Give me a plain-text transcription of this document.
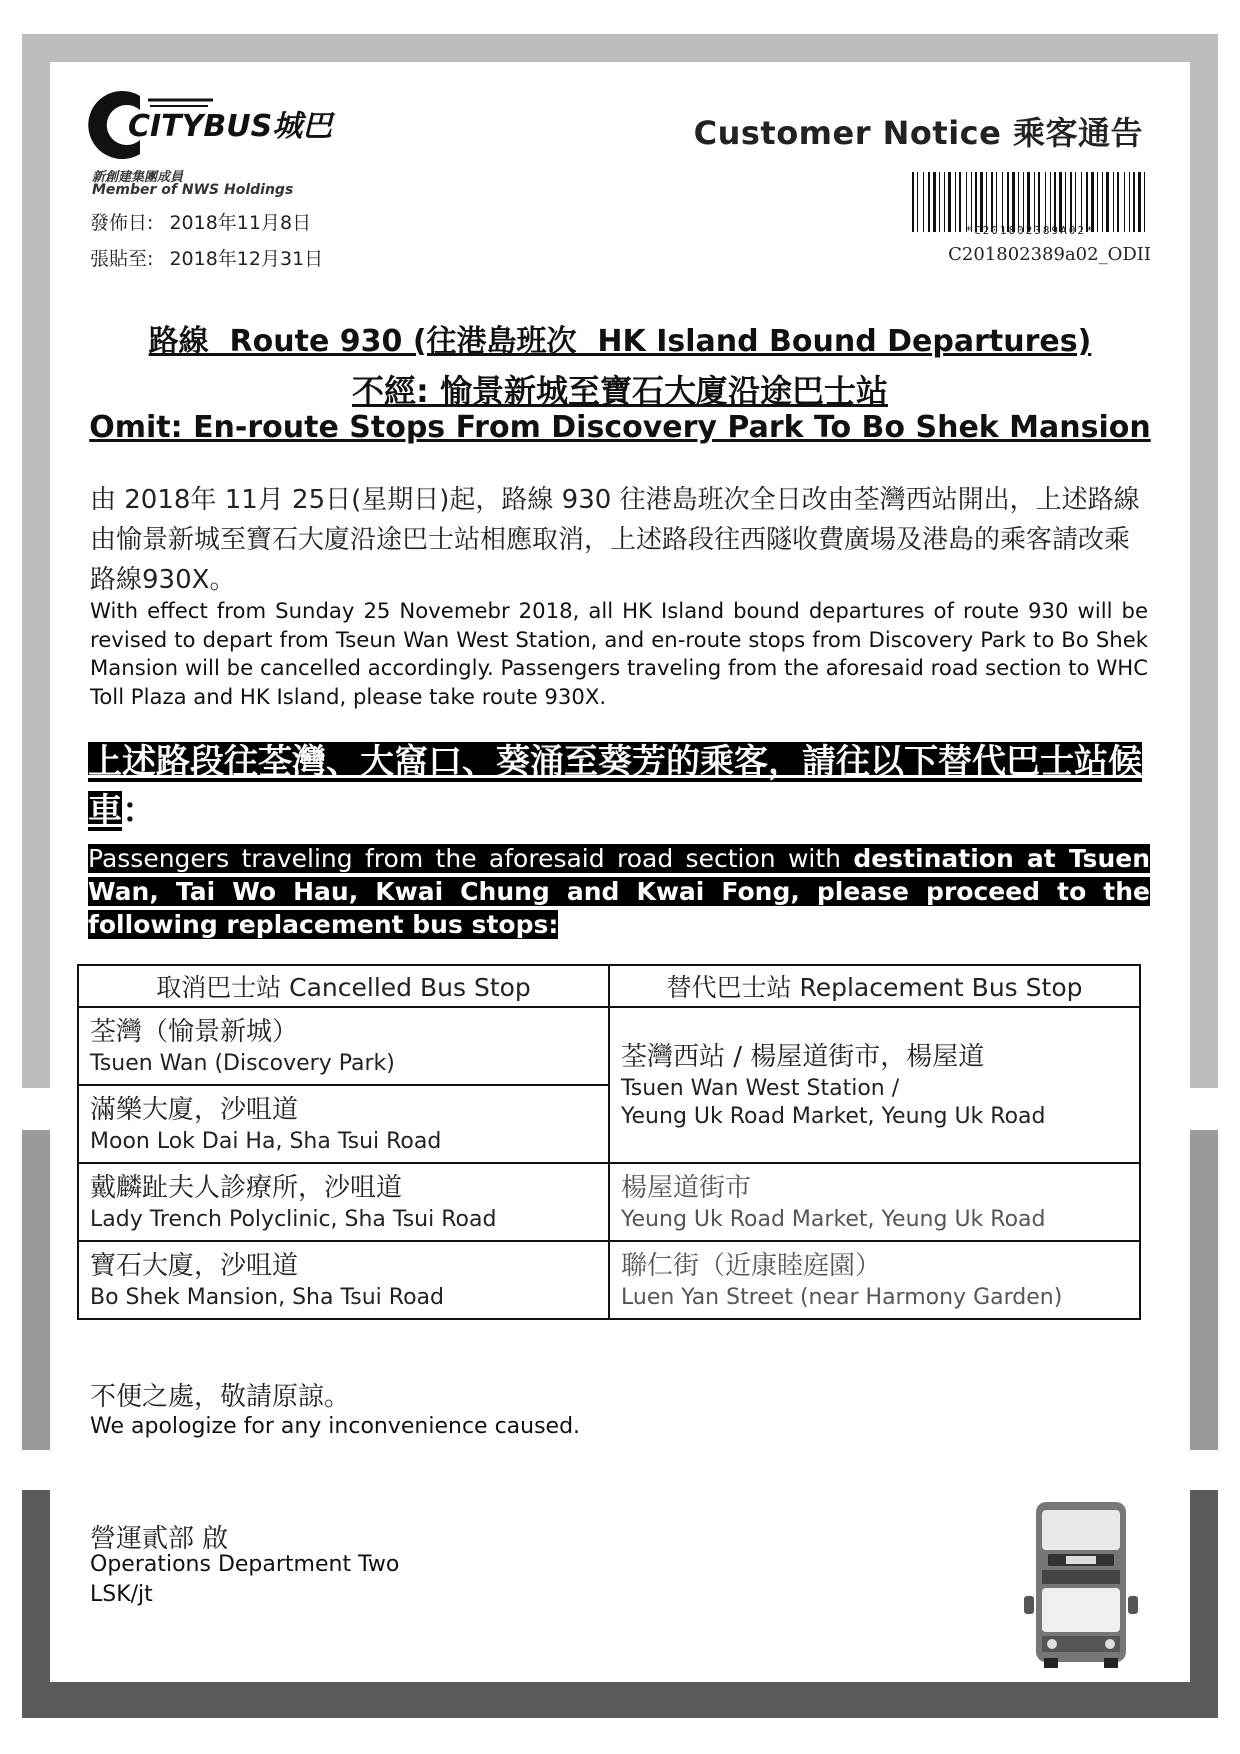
CITYBUS城巴
新創建集團成員
Member of NWS Holdings
發佈日: 2018年11月8日
張貼至: 2018年12月31日
Customer Notice 乘客通告
*C201802389A02*
C201802389a02_ODII
路線  Route 930 (往港島班次  HK Island Bound Departures)
不經: 愉景新城至寶石大廈沿途巴士站
Omit: En-route Stops From Discovery Park To Bo Shek Mansion
由 2018年 11月 25日(星期日)起，路線 930 往港島班次全日改由荃灣西站開出，上述路線由愉景新城至寶石大廈沿途巴士站相應取消，上述路段往西隧收費廣場及港島的乘客請改乘路線930X。
With effect from Sunday 25 Novemebr 2018, all HK Island bound departures of route 930 will be revised to depart from Tseun Wan West Station, and en-route stops from Discovery Park to Bo Shek Mansion will be cancelled accordingly. Passengers traveling from the aforesaid road section to WHC Toll Plaza and HK Island, please take route 930X.
上述路段往荃灣、大窩口、葵涌至葵芳的乘客，請往以下替代巴士站候車：
Passengers traveling from the aforesaid road section with destination at Tsuen Wan, Tai Wo Hau, Kwai Chung and Kwai Fong, please proceed to the following replacement bus stops:
取消巴士站 Cancelled Bus Stop	替代巴士站 Replacement Bus Stop

荃灣（愉景新城）
Tsuen Wan (Discovery Park)	荃灣西站 / 楊屋道街市，楊屋道
Tsuen Wan West Station /
Yeung Uk Road Market, Yeung Uk Road

滿樂大廈，沙咀道
Moon Lok Dai Ha, Sha Tsui Road	

戴麟趾夫人診療所，沙咀道
Lady Trench Polyclinic, Sha Tsui Road	楊屋道街市
Yeung Uk Road Market, Yeung Uk Road

寶石大廈，沙咀道
Bo Shek Mansion, Sha Tsui Road	聯仁街（近康睦庭園）
Luen Yan Street (near Harmony Garden)
不便之處，敬請原諒。
We apologize for any inconvenience caused.
營運貳部 啟
Operations Department Two
LSK/jt
